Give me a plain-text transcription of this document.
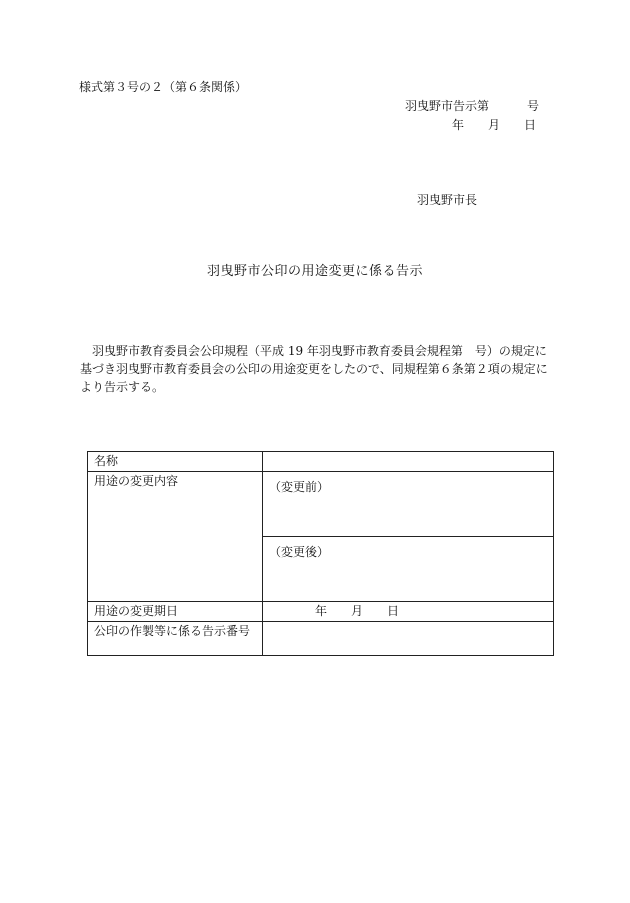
様式第３号の２（第６条関係）
羽曳野市告示第	号
年 月 日
羽曳野市長
羽曳野市公印の用途変更に係る告示
　羽曳野市教育委員会公印規程（平成 19 年羽曳野市教育委員会規程第　号）の規定に
基づき羽曳野市教育委員会の公印の用途変更をしたので、同規程第６条第２項の規定に
より告示する。
名称	
用途の変更内容	（変更前）

	（変更後）

用途の変更期日	年 月 日
公印の作製等に係る告示番号	
